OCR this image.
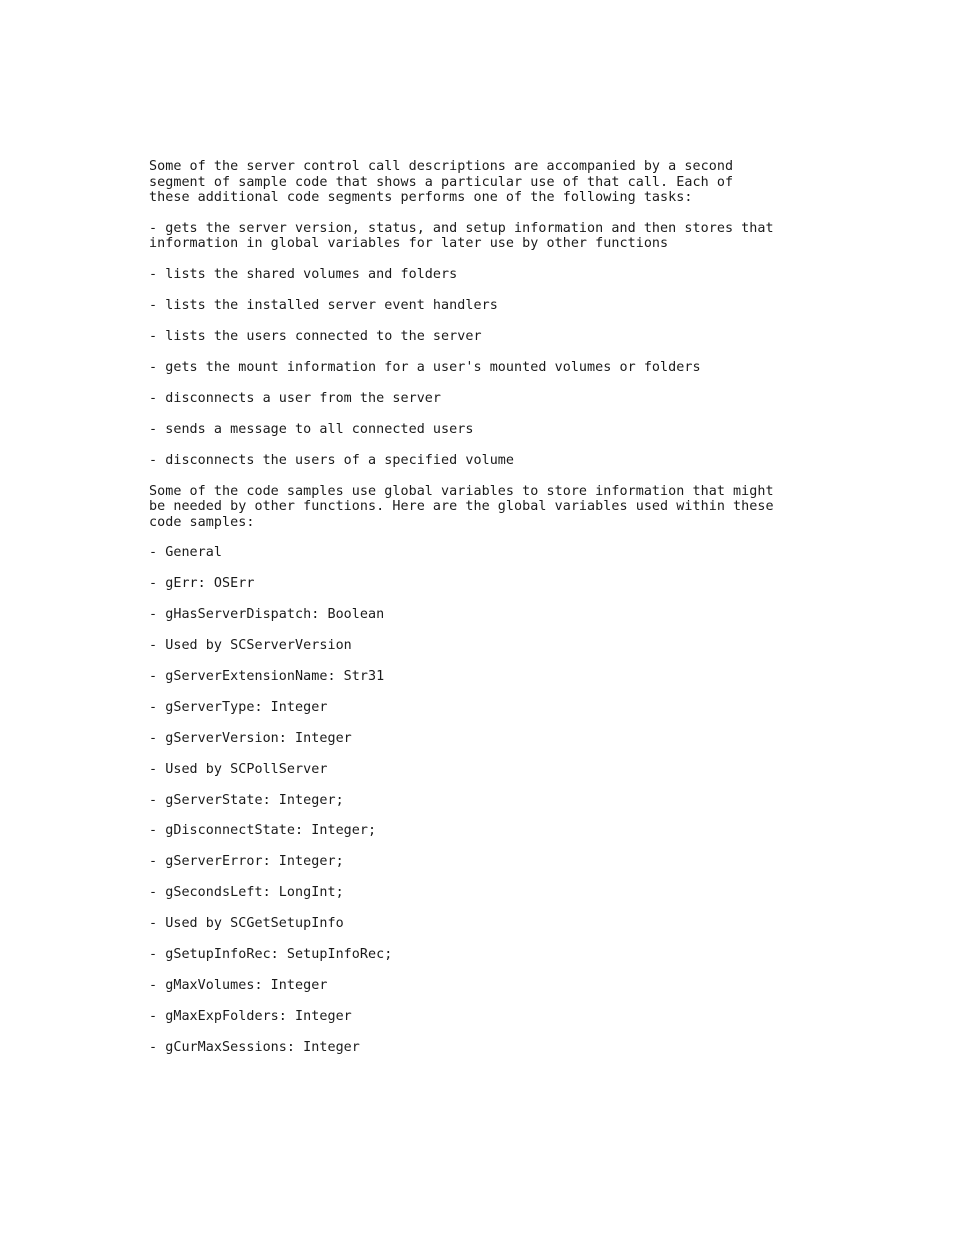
Some of the server control call descriptions are accompanied by a second
segment of sample code that shows a particular use of that call. Each of
these additional code segments performs one of the following tasks:

- gets the server version, status, and setup information and then stores that
information in global variables for later use by other functions

- lists the shared volumes and folders

- lists the installed server event handlers

- lists the users connected to the server

- gets the mount information for a user's mounted volumes or folders

- disconnects a user from the server

- sends a message to all connected users

- disconnects the users of a specified volume

Some of the code samples use global variables to store information that might
be needed by other functions. Here are the global variables used within these
code samples:

- General

- gErr: OSErr

- gHasServerDispatch: Boolean

- Used by SCServerVersion

- gServerExtensionName: Str31

- gServerType: Integer

- gServerVersion: Integer

- Used by SCPollServer

- gServerState: Integer;

- gDisconnectState: Integer;

- gServerError: Integer;

- gSecondsLeft: LongInt;

- Used by SCGetSetupInfo

- gSetupInfoRec: SetupInfoRec;

- gMaxVolumes: Integer

- gMaxExpFolders: Integer

- gCurMaxSessions: Integer
